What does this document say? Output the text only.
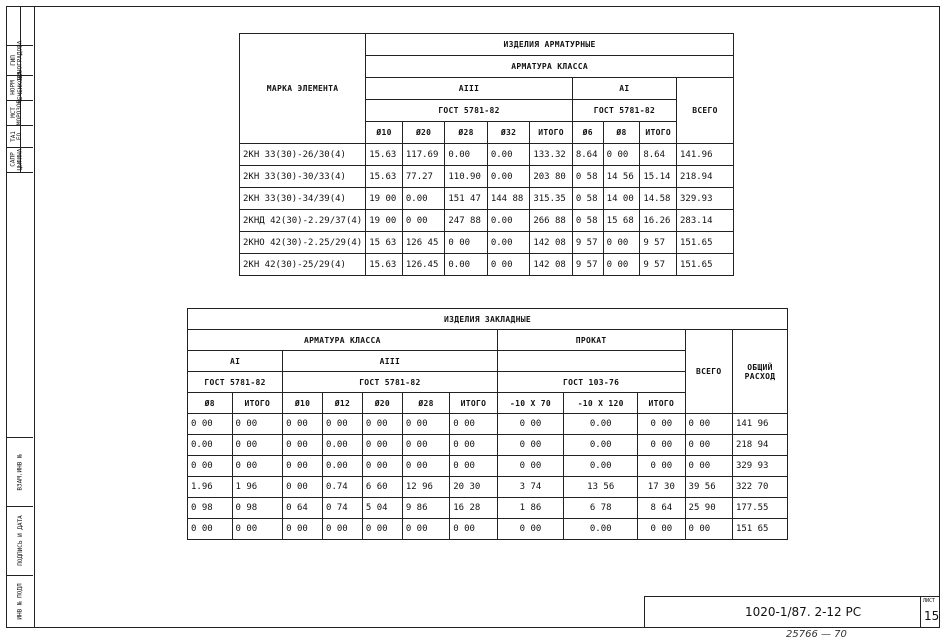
ВИНОГРАДОВА
ЧЕЧЕНКОВА
МОРОЗОВ
ЕО
ЦЫФИНА
ВЗАМ.ИНВ №
ПОДПИСЬ И ДАТА
ИНВ № ПОДЛ
САПР
ТА1
МСТ
НОРМ
ГИП
МАРКА ЭЛЕМЕНТА	ИЗДЕЛИЯ АРМАТУРНЫЕ								
	АРМАТУРА КЛАССА								
	AIII					AI			ВСЕГО
	ГОСТ 5781-82					ГОСТ 5781-82			
	Ø10	Ø20	Ø28	Ø32	ИТОГО	Ø6	Ø8	ИТОГО	
2КН 33(30)-26/30(4)	15.63	117.69	0.00	0.00	133.32	8.64	0 00	8.64	141.96
2КН 33(30)-30/33(4)	15.63	77.27	110.90	0.00	203 80	0 58	14 56	15.14	218.94
2КН 33(30)-34/39(4)	19 00	0.00	151 47	144 88	315.35	0 58	14 00	14.58	329.93
2КНД 42(30)-2.29/37(4)	19 00	0 00	247 88	0.00	266 88	0 58	15 68	16.26	283.14
2КНО 42(30)-2.25/29(4)	15 63	126 45	0 00	0.00	142 08	9 57	0 00	9 57	151.65
2КН 42(30)-25/29(4)	15.63	126.45	0.00	0 00	142 08	9 57	0 00	9 57	151.65
ИЗДЕЛИЯ ЗАКЛАДНЫЕ											
АРМАТУРА КЛАССА							ПРОКАТ			ВСЕГО	ОБЩИЙ
РАСХОД
AI		AIII									
ГОСТ 5781-82		ГОСТ 5781-82					ГОСТ 103-76				
Ø8	ИТОГО	Ø10	Ø12	Ø20	Ø28	ИТОГО	-10 X 70	-10 X 120	ИТОГО		
0 00	0 00	0 00	0 00	0 00	0 00	0 00	0 00	0.00	0 00	0 00	141 96
0.00	0 00	0 00	0.00	0 00	0 00	0 00	0 00	0.00	0 00	0 00	218 94
0 00	0 00	0 00	0.00	0 00	0 00	0 00	0 00	0.00	0 00	0 00	329 93
1.96	1 96	0 00	0.74	6 60	12 96	20 30	3 74	13 56	17 30	39 56	322 70
0 98	0 98	0 64	0 74	5 04	9 86	16 28	1 86	6 78	8 64	25 90	177.55
0 00	0 00	0 00	0 00	0 00	0 00	0 00	0 00	0.00	0 00	0 00	151 65
1020-1/87. 2-12 РС
ЛИСТ
15
25766 — 70
